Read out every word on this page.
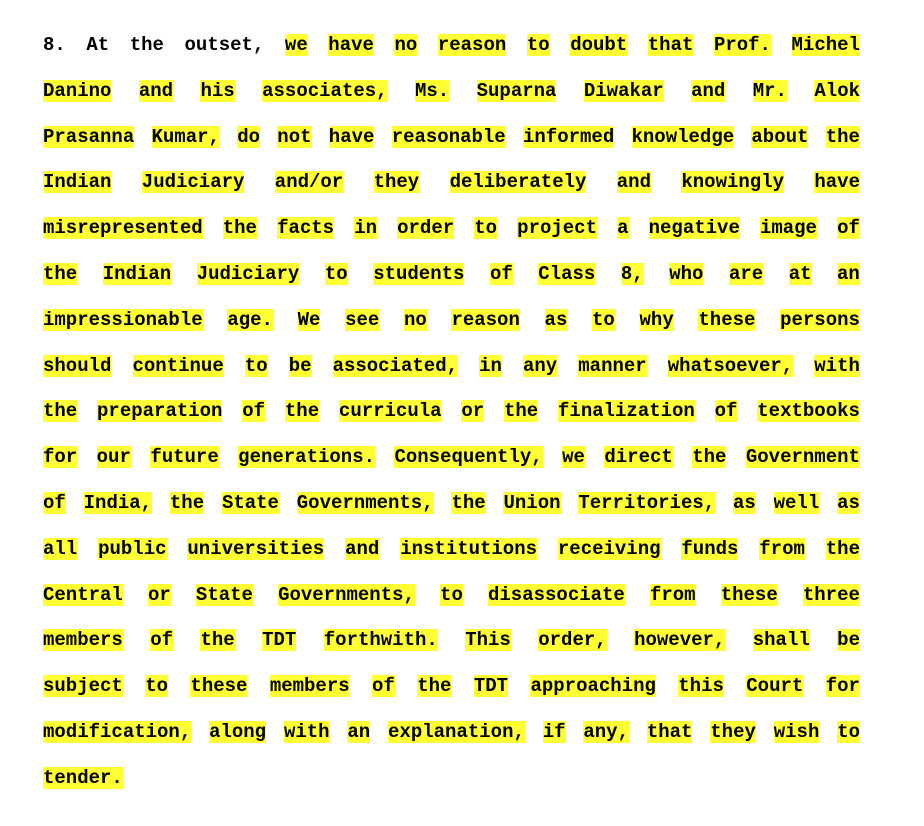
8. At the outset, we have no reason to doubt that Prof. Michel
Danino and his associates, Ms. Suparna Diwakar and Mr. Alok
Prasanna Kumar, do not have reasonable informed knowledge about the
Indian Judiciary and/or they deliberately and knowingly have
misrepresented the facts in order to project a negative image of
the Indian Judiciary to students of Class 8, who are at an
impressionable age. We see no reason as to why these persons
should continue to be associated, in any manner whatsoever, with
the preparation of the curricula or the finalization of textbooks
for our future generations. Consequently, we direct the Government
of India, the State Governments, the Union Territories, as well as
all public universities and institutions receiving funds from the
Central or State Governments, to disassociate from these three
members of the TDT forthwith. This order, however, shall be
subject to these members of the TDT approaching this Court for
modification, along with an explanation, if any, that they wish to
tender.
